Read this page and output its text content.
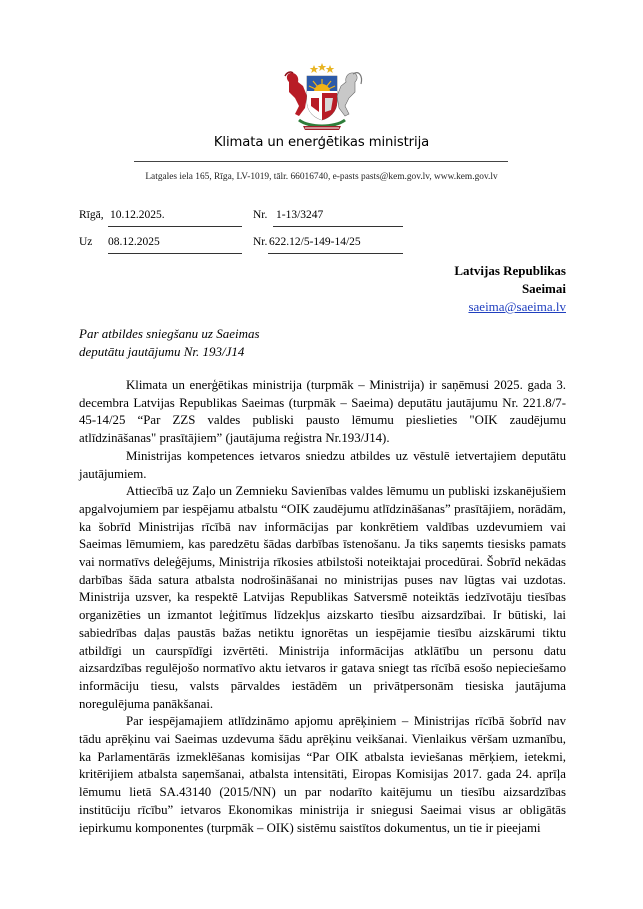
Klimata un enerģētikas ministrija
Latgales iela 165, Rīga, LV-1019, tālr. 66016740, e-pasts pasts@kem.gov.lv, www.kem.gov.lv
Rīgā, 10.12.2025.	Nr. 1-13/3247
Uz 08.12.2025	Nr. 622.12/5-149-14/25
Latvijas Republikas
Saeimai
saeima@saeima.lv
Par atbildes sniegšanu uz Saeimas
deputātu jautājumu Nr. 193/J14

Klimata un enerģētikas ministrija (turpmāk – Ministrija) ir saņēmusi 2025. gada 3. decembra Latvijas Republikas Saeimas (turpmāk – Saeima) deputātu jautājumu Nr. 221.8/7-45-14/25 “Par ZZS valdes publiski pausto lēmumu pieslieties "OIK zaudējumu atlīdzināšanas" prasītājiem” (jautājuma reģistra Nr.193/J14).

Ministrijas kompetences ietvaros sniedzu atbildes uz vēstulē ietvertajiem deputātu jautājumiem.

Attiecībā uz Zaļo un Zemnieku Savienības valdes lēmumu un publiski izskanējušiem apgalvojumiem par iespējamu atbalstu “OIK zaudējumu atlīdzināšanas” prasītājiem, norādām, ka šobrīd Ministrijas rīcībā nav informācijas par konkrētiem valdības uzdevumiem vai Saeimas lēmumiem, kas paredzētu šādas darbības īstenošanu. Ja tiks saņemts tiesisks pamats vai normatīvs deleģējums, Ministrija rīkosies atbilstoši noteiktajai procedūrai. Šobrīd nekādas darbības šāda satura atbalsta nodrošināšanai no ministrijas puses nav lūgtas vai uzdotas. Ministrija uzsver, ka respektē Latvijas Republikas Satversmē noteiktās iedzīvotāju tiesības organizēties un izmantot leģitīmus līdzekļus aizskarto tiesību aizsardzībai. Ir būtiski, lai sabiedrības daļas paustās bažas netiktu ignorētas un iespējamie tiesību aizskārumi tiktu atbildīgi un caurspīdīgi izvērtēti. Ministrija informācijas atklātību un personu datu aizsardzības regulējošo normatīvo aktu ietvaros ir gatava sniegt tas rīcībā esošo nepieciešamo informāciju tiesu, valsts pārvaldes iestādēm un privātpersonām tiesiska jautājuma noregulējuma panākšanai.

Par iespējamajiem atlīdzināmo apjomu aprēķiniem – Ministrijas rīcībā šobrīd nav tādu aprēķinu vai Saeimas uzdevuma šādu aprēķinu veikšanai. Vienlaikus vēršam uzmanību, ka Parlamentārās izmeklēšanas komisijas “Par OIK atbalsta ieviešanas mērķiem, ietekmi, kritērijiem atbalsta saņemšanai, atbalsta intensitāti, Eiropas Komisijas 2017. gada 24. aprīļa lēmumu lietā SA.43140 (2015/NN) un par nodarīto kaitējumu un tiesību aizsardzības institūciju rīcību” ietvaros Ekonomikas ministrija ir sniegusi Saeimai visus ar obligātās iepirkumu komponentes (turpmāk – OIK) sistēmu saistītos dokumentus, un tie ir pieejami
